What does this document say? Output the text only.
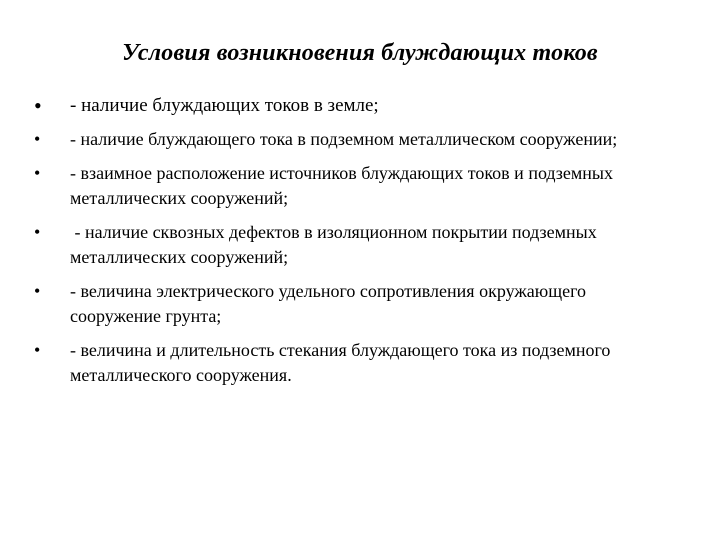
Условия возникновения блуждающих токов
• - наличие блуждающих токов в земле;
• - наличие блуждающего тока в подземном металлическом сооружении;
• - взаимное расположение источников блуждающих токов и подземных металлических сооружений;
• - наличие сквозных дефектов в изоляционном покрытии подземных металлических сооружений;
• - величина электрического удельного сопротивления окружающего сооружение грунта;
• - величина и длительность стекания блуждающего тока из подземного металлического сооружения.
